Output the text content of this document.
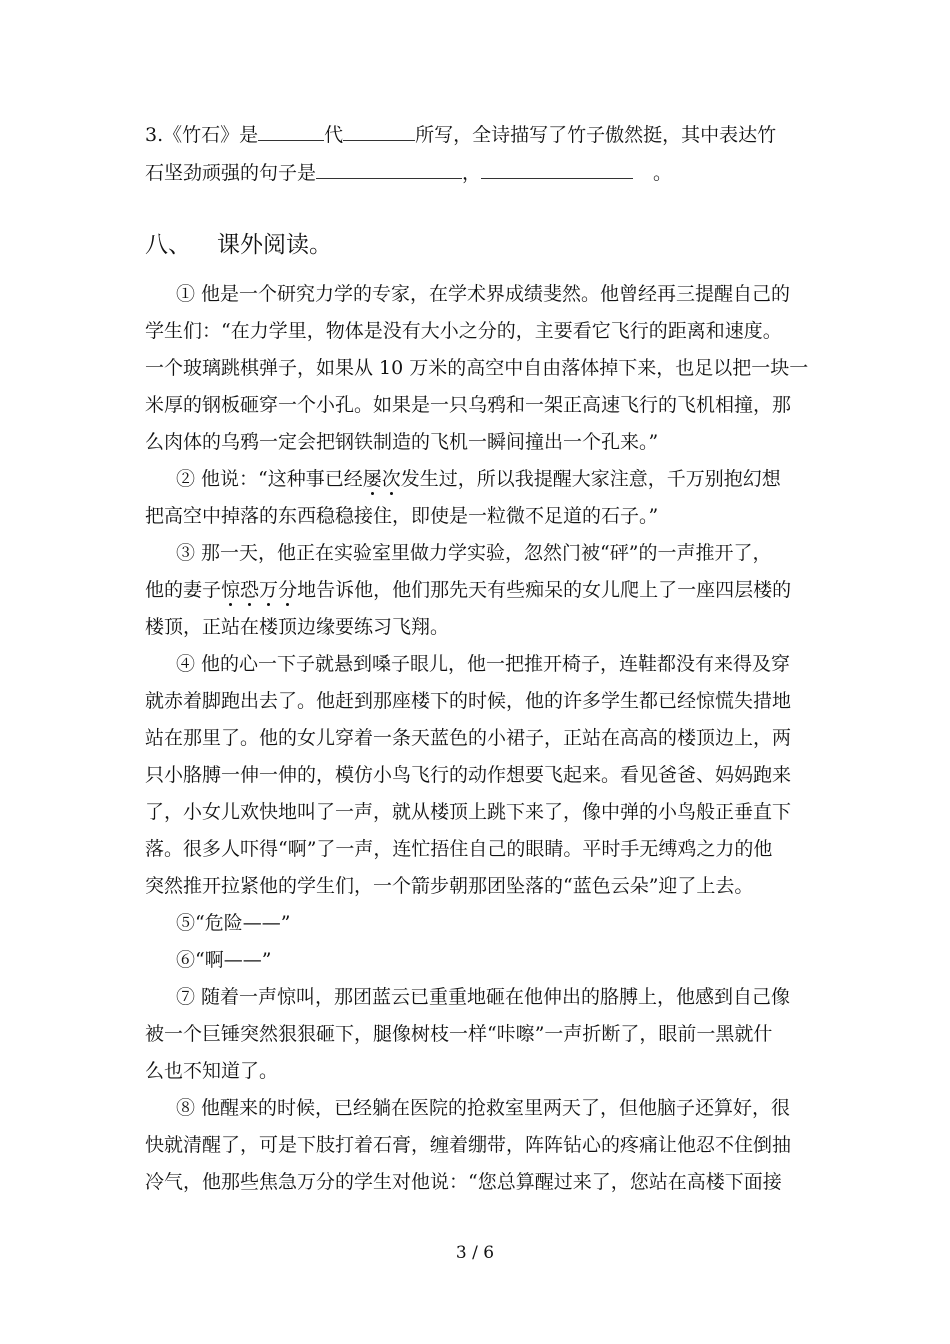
3.《竹石》是	代	所写，全诗描写了竹子傲然挺，其中表达竹
石坚劲顽强的句子是	，	。
八、 课外阅读。
① 他是一个研究力学的专家，在学术界成绩斐然。他曾经再三提醒自己的
学生们：“在力学里，物体是没有大小之分的，主要看它飞行的距离和速度。
一个玻璃跳棋弹子，如果从 10 万米的高空中自由落体掉下来，也足以把一块一
米厚的钢板砸穿一个小孔。如果是一只乌鸦和一架正高速飞行的飞机相撞，那
么肉体的乌鸦一定会把钢铁制造的飞机一瞬间撞出一个孔来。”
② 他说：“这种事已经屡次发生过，所以我提醒大家注意，千万别抱幻想
把高空中掉落的东西稳稳接住，即使是一粒微不足道的石子。”
③ 那一天，他正在实验室里做力学实验，忽然门被“砰”的一声推开了，
他的妻子惊恐万分地告诉他，他们那先天有些痴呆的女儿爬上了一座四层楼的
楼顶，正站在楼顶边缘要练习飞翔。
④ 他的心一下子就悬到嗓子眼儿，他一把推开椅子，连鞋都没有来得及穿
就赤着脚跑出去了。他赶到那座楼下的时候，他的许多学生都已经惊慌失措地
站在那里了。他的女儿穿着一条天蓝色的小裙子，正站在高高的楼顶边上，两
只小胳膊一伸一伸的，模仿小鸟飞行的动作想要飞起来。看见爸爸、妈妈跑来
了，小女儿欢快地叫了一声，就从楼顶上跳下来了，像中弹的小鸟般正垂直下
落。很多人吓得“啊”了一声，连忙捂住自己的眼睛。平时手无缚鸡之力的他
突然推开拉紧他的学生们，一个箭步朝那团坠落的“蓝色云朵”迎了上去。
⑤“危险——”
⑥“啊——”
⑦ 随着一声惊叫，那团蓝云已重重地砸在他伸出的胳膊上，他感到自己像
被一个巨锤突然狠狠砸下，腿像树枝一样“咔嚓”一声折断了，眼前一黑就什
么也不知道了。
⑧ 他醒来的时候，已经躺在医院的抢救室里两天了，但他脑子还算好，很
快就清醒了，可是下肢打着石膏，缠着绷带，阵阵钻心的疼痛让他忍不住倒抽
冷气，他那些焦急万分的学生对他说：“您总算醒过来了，您站在高楼下面接
3 / 6
